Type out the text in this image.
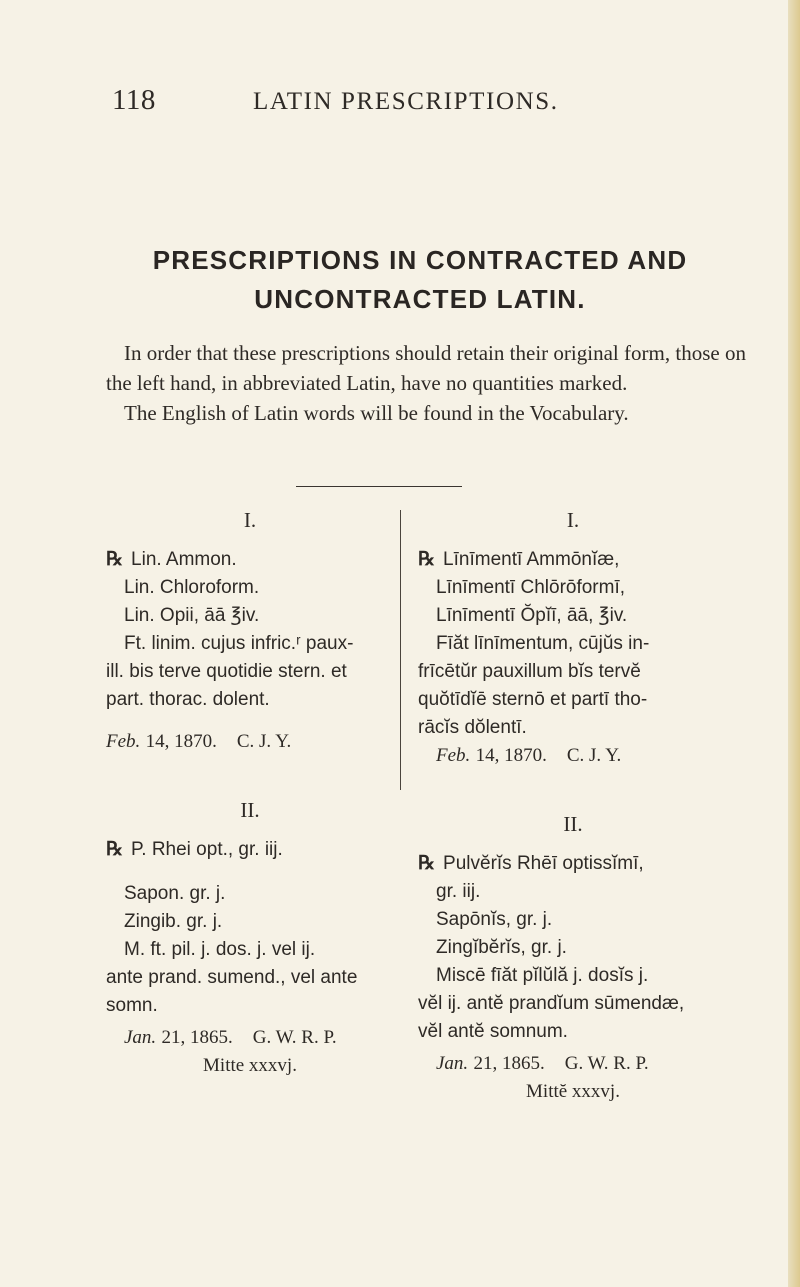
118	LATIN PRESCRIPTIONS.
PRESCRIPTIONS IN CONTRACTED AND
UNCONTRACTED LATIN.

In order that these prescriptions should retain their original form, those on the left hand, in abbreviated Latin, have no quantities marked.

The English of Latin words will be found in the Vocabulary.

I.
℞ Lin. Ammon.
Lin. Chloroform.
Lin. Opii, āā ℥iv.
Ft. linim. cujus infric.ʳ paux-
ill. bis terve quotidie stern. et
part. thorac. dolent.
Feb. 14, 1870. C. J. Y.
II.
℞ P. Rhei opt., gr. iij.
Sapon. gr. j.
Zingib. gr. j.
M. ft. pil. j. dos. j. vel ij.
ante prand. sumend., vel ante
somn.
Jan. 21, 1865. G. W. R. P.
Mitte xxxvj.
I.
℞ Līnīmentī Ammōnĭæ,
Līnīmentī Chlōrōformī,
Līnīmentī Ŏpĭī, āā, ℥iv.
Fīăt līnīmentum, cūjŭs in-
frīcētŭr pauxillum bĭs tervĕ
quŏtīdĭē sternō et partī tho-
rācĭs dŏlentī.
Feb. 14, 1870. C. J. Y.
II.
℞ Pulvĕrĭs Rhēī optissĭmī,
gr. iij.
Sapōnĭs, gr. j.
Zingĭbĕrĭs, gr. j.
Miscē fīăt pĭlŭlă j. dosĭs j.
vĕl ij. antĕ prandĭum sūmendæ,
vĕl antĕ somnum.
Jan. 21, 1865. G. W. R. P.
Mittĕ xxxvj.
